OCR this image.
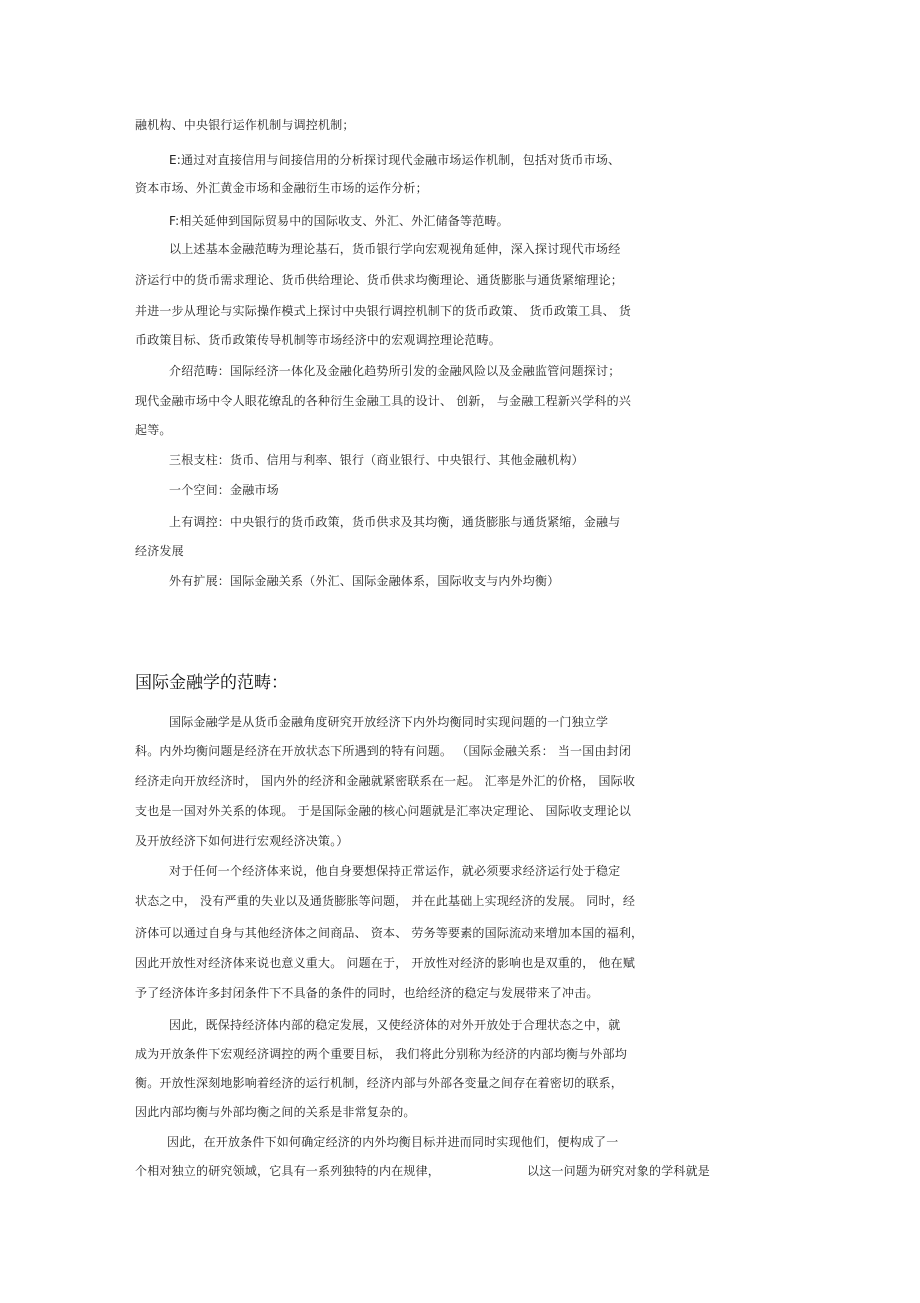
融机构、中央银行运作机制与调控机制；
E:通过对直接信用与间接信用的分析探讨现代金融市场运作机制，包括对货币市场、
资本市场、外汇黄金市场和金融衍生市场的运作分析；
F:相关延伸到国际贸易中的国际收支、外汇、外汇储备等范畴。
以上述基本金融范畴为理论基石，货币银行学向宏观视角延伸，深入探讨现代市场经
济运行中的货币需求理论、货币供给理论、货币供求均衡理论、通货膨胀与通货紧缩理论；
并进一步从理论与实际操作模式上探讨中央银行调控机制下的货币政策、 货币政策工具、 货
币政策目标、货币政策传导机制等市场经济中的宏观调控理论范畴。
介绍范畴：国际经济一体化及金融化趋势所引发的金融风险以及金融监管问题探讨；
现代金融市场中令人眼花缭乱的各种衍生金融工具的设计、 创新， 与金融工程新兴学科的兴
起等。
三根支柱：货币、信用与利率、银行（商业银行、中央银行、其他金融机构）
一个空间：金融市场
上有调控：中央银行的货币政策，货币供求及其均衡，通货膨胀与通货紧缩，金融与
经济发展
外有扩展：国际金融关系（外汇、国际金融体系，国际收支与内外均衡）
国际金融学的范畴：
国际金融学是从货币金融角度研究开放经济下内外均衡同时实现问题的一门独立学
科。内外均衡问题是经济在开放状态下所遇到的特有问题。 （国际金融关系： 当一国由封闭
经济走向开放经济时， 国内外的经济和金融就紧密联系在一起。 汇率是外汇的价格， 国际收
支也是一国对外关系的体现。 于是国际金融的核心问题就是汇率决定理论、 国际收支理论以
及开放经济下如何进行宏观经济决策。）
对于任何一个经济体来说，他自身要想保持正常运作，就必须要求经济运行处于稳定
状态之中， 没有严重的失业以及通货膨胀等问题， 并在此基础上实现经济的发展。 同时，经
济体可以通过自身与其他经济体之间商品、 资本、 劳务等要素的国际流动来增加本国的福利，
因此开放性对经济体来说也意义重大。 问题在于， 开放性对经济的影响也是双重的， 他在赋
予了经济体许多封闭条件下不具备的条件的同时，也给经济的稳定与发展带来了冲击。
因此，既保持经济体内部的稳定发展，又使经济体的对外开放处于合理状态之中，就
成为开放条件下宏观经济调控的两个重要目标， 我们将此分别称为经济的内部均衡与外部均
衡。开放性深刻地影响着经济的运行机制，经济内部与外部各变量之间存在着密切的联系，
因此内部均衡与外部均衡之间的关系是非常复杂的。
因此，在开放条件下如何确定经济的内外均衡目标并进而同时实现他们，便构成了一
个相对独立的研究领域，它具有一系列独特的内在规律，	以这一问题为研究对象的学科就是
